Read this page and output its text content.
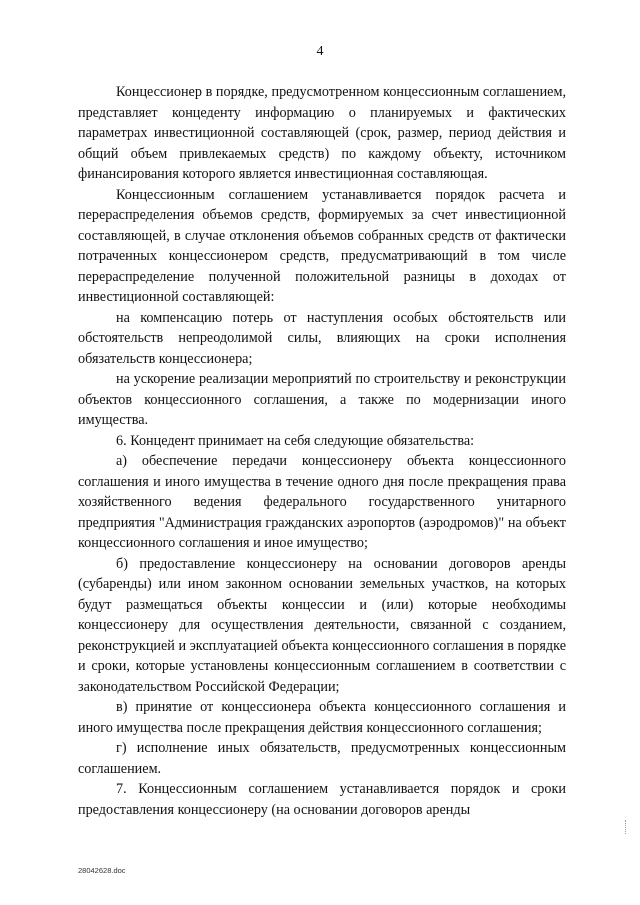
4

Концессионер в порядке, предусмотренном концессионным соглашением, представляет концеденту информацию о планируемых и фактических параметрах инвестиционной составляющей (срок, размер, период действия и общий объем привлекаемых средств) по каждому объекту, источником финансирования которого является инвестиционная составляющая.

Концессионным соглашением устанавливается порядок расчета и перераспределения объемов средств, формируемых за счет инвестиционной составляющей, в случае отклонения объемов собранных средств от фактически потраченных концессионером средств, предусматривающий в том числе перераспределение полученной положительной разницы в доходах от инвестиционной составляющей:

на компенсацию потерь от наступления особых обстоятельств или обстоятельств непреодолимой силы, влияющих на сроки исполнения обязательств концессионера;

на ускорение реализации мероприятий по строительству и реконструкции объектов концессионного соглашения, а также по модернизации иного имущества.

6. Концедент принимает на себя следующие обязательства:

а) обеспечение передачи концессионеру объекта концессионного соглашения и иного имущества в течение одного дня после прекращения права хозяйственного ведения федерального государственного унитарного предприятия "Администрация гражданских аэропортов (аэродромов)" на объект концессионного соглашения и иное имущество;

б) предоставление концессионеру на основании договоров аренды (субаренды) или ином законном основании земельных участков, на которых будут размещаться объекты концессии и (или) которые необходимы концессионеру для осуществления деятельности, связанной с созданием, реконструкцией и эксплуатацией объекта концессионного соглашения в порядке и сроки, которые установлены концессионным соглашением в соответствии с законодательством Российской Федерации;

в) принятие от концессионера объекта концессионного соглашения и иного имущества после прекращения действия концессионного соглашения;

г) исполнение иных обязательств, предусмотренных концессионным соглашением.

7. Концессионным соглашением устанавливается порядок и сроки предоставления концессионеру (на основании договоров аренды

28042628.doc
